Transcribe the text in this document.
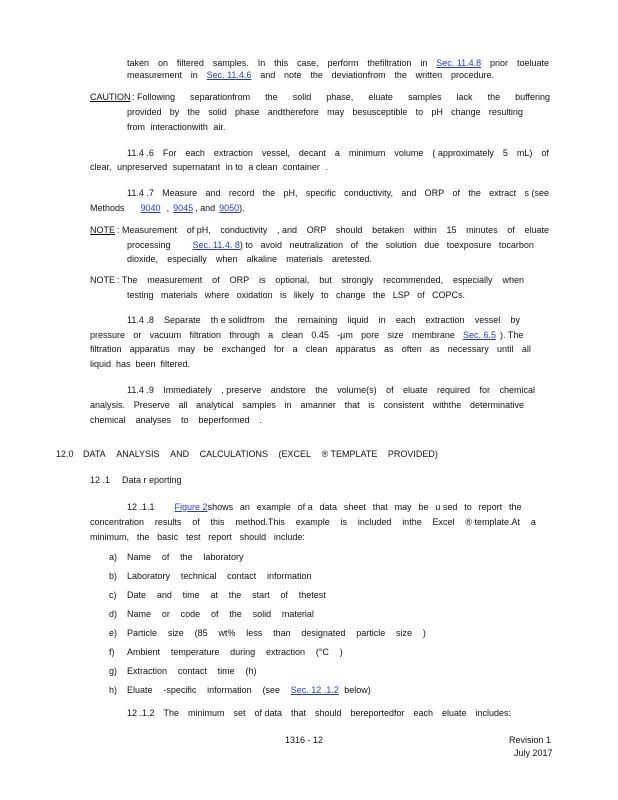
taken on filtered samples. In this case, perform thefiltration in Sec. 11.4.8 prior toeluate
measurement in Sec. 11.4.6 and note the deviationfrom the written procedure.
CAUTION : Following separationfrom the solid phase, eluate samples lack the buffering
provided by the solid phase andtherefore may besusceptible to pH change resulting
from interactionwith air.
11.4 .6 For each extraction vessel, decant a minimum volume ( approximately 5 mL) of
clear, unpreserved supernatant in to a clean container .
11.4 .7 Measure and record the pH, specific conductivity, and ORP of the extract s (see
Methods 9040 , 9045 , and 9050 ).
NOTE : Measurement of pH, conductivity , and ORP should betaken within 15 minutes of eluate
processing Sec. 11.4. 8 ) to avoid neutralization of the solution due toexposure tocarbon
dioxide, especially when alkaline materials aretested.
NOTE : The measurement of ORP is optional, but strongly recommended, especially when
testing materials where oxidation is likely to change the LSP of COPCs.
11.4 .8 Separate th e solidfrom the remaining liquid in each extraction vessel by
pressure or vacuum filtration through a clean 0.45 -µm pore size membrane Sec. 6.5 ). The
filtration apparatus may be exchanged for a clean apparatus as often as necessary until all
liquid has been filtered.
11.4 .9 Immediately , preserve andstore the volume(s) of eluate required for chemical
analysis. Preserve all analytical samples in amanner that is consistent withthe determinative
chemical analyses to beperformed .
12.0 DATA ANALYSIS AND CALCULATIONS (EXCEL ® TEMPLATE PROVIDED)
12 .1 Data r eporting
12 .1.1 Figure 2 shows an example of a data sheet that may be u sed to report the
concentration results of this method.This example is included inthe Excel ® template.At a
minimum, the basic test report should include:
a)	Name of the laboratory
b)	Laboratory technical contact information
c)	Date and time at the start of thetest
d)	Name or code of the solid material
e)	Particle size (85 wt% less than designated particle size )
f)	Ambient temperature during extraction (°C )
g)	Extraction contact time (h)
h)	Eluate -specific information (see Sec. 12 .1.2 below)
12 .1.2 The minimum set of data that should bereportedfor each eluate includes:
1316 - 12	Revision 1
July 2017
